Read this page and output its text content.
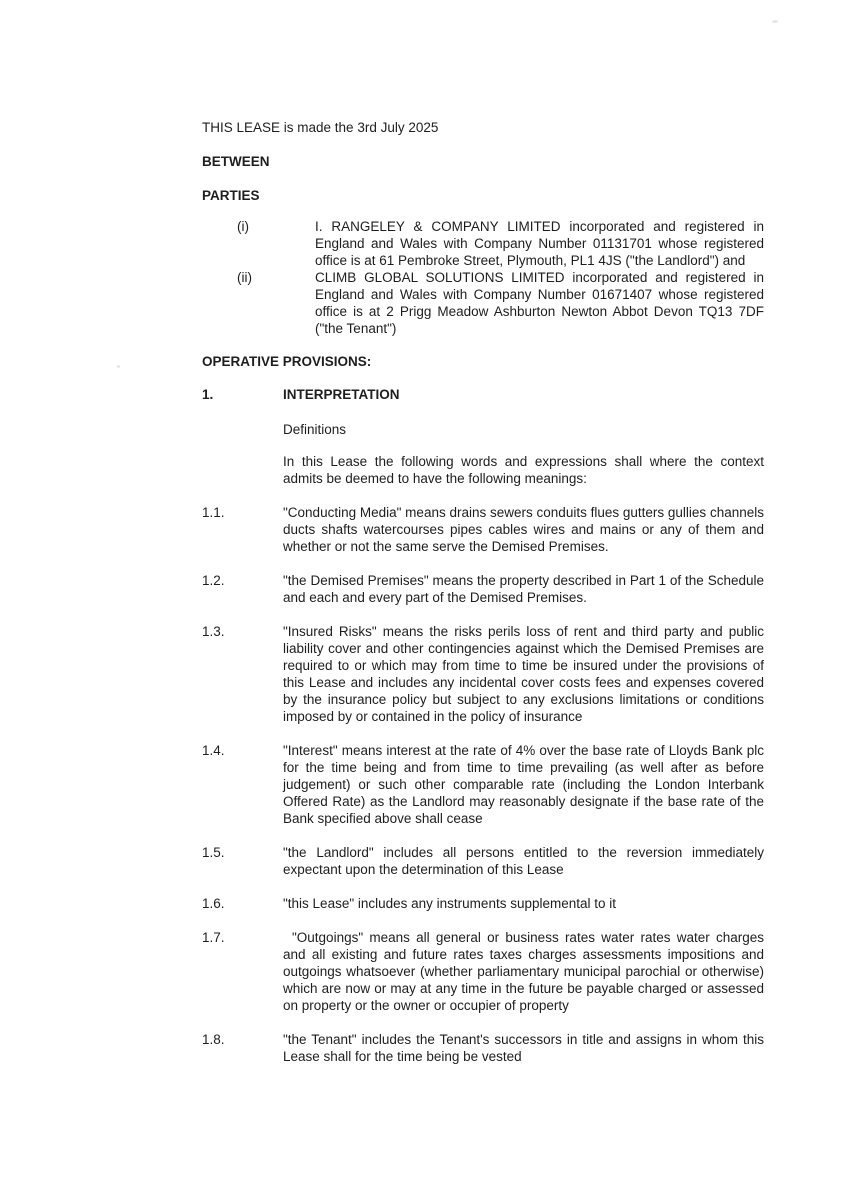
THIS LEASE is made the 3rd July 2025

BETWEEN

PARTIES

(i)	I. RANGELEY & COMPANY LIMITED incorporated and registered in England and Wales with Company Number 01131701 whose registered office is at 61 Pembroke Street, Plymouth, PL1 4JS ("the Landlord") and

(ii)	CLIMB GLOBAL SOLUTIONS LIMITED incorporated and registered in England and Wales with Company Number 01671407 whose registered office is at 2 Prigg Meadow Ashburton Newton Abbot Devon TQ13 7DF ("the Tenant")

OPERATIVE PROVISIONS:

1.	INTERPRETATION

Definitions

In this Lease the following words and expressions shall where the context admits be deemed to have the following meanings:

1.1.	"Conducting Media" means drains sewers conduits flues gutters gullies channels ducts shafts watercourses pipes cables wires and mains or any of them and whether or not the same serve the Demised Premises.

1.2.	"the Demised Premises" means the property described in Part 1 of the Schedule and each and every part of the Demised Premises.

1.3.	"Insured Risks" means the risks perils loss of rent and third party and public liability cover and other contingencies against which the Demised Premises are required to or which may from time to time be insured under the provisions of this Lease and includes any incidental cover costs fees and expenses covered by the insurance policy but subject to any exclusions limitations or conditions imposed by or contained in the policy of insurance

1.4.	"Interest" means interest at the rate of 4% over the base rate of Lloyds Bank plc for the time being and from time to time prevailing (as well after as before judgement) or such other comparable rate (including the London Interbank Offered Rate) as the Landlord may reasonably designate if the base rate of the Bank specified above shall cease

1.5.	"the Landlord" includes all persons entitled to the reversion immediately expectant upon the determination of this Lease

1.6.	"this Lease" includes any instruments supplemental to it

1.7.	"Outgoings" means all general or business rates water rates water charges and all existing and future rates taxes charges assessments impositions and outgoings whatsoever (whether parliamentary municipal parochial or otherwise) which are now or may at any time in the future be payable charged or assessed on property or the owner or occupier of property

1.8.	"the Tenant" includes the Tenant's successors in title and assigns in whom this Lease shall for the time being be vested
